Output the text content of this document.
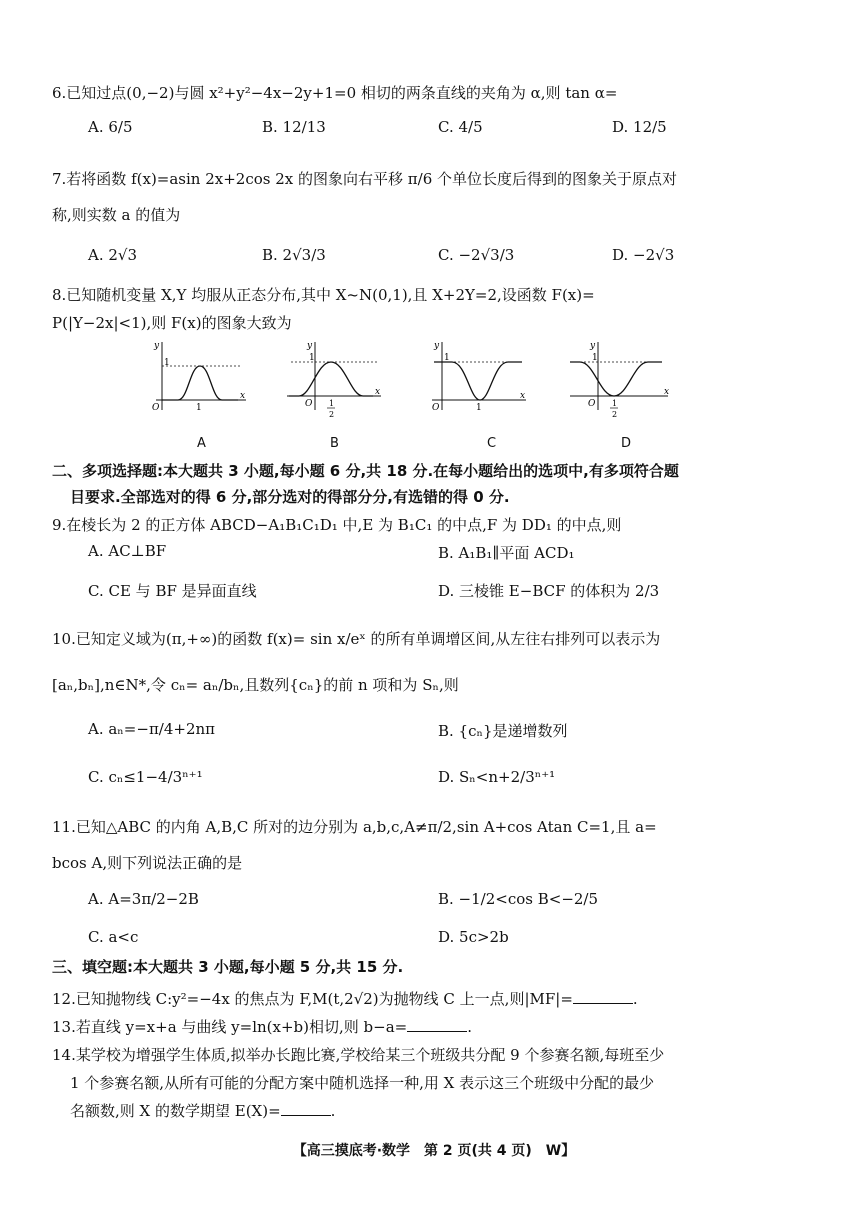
6.已知过点(0,−2)与圆 x²+y²−4x−2y+1=0 相切的两条直线的夹角为 α,则 tan α=
A. 6/5	B. 12/13	C. 4/5	D. 12/5
7.若将函数 f(x)=asin 2x+2cos 2x 的图象向右平移 π/6 个单位长度后得到的图象关于原点对
称,则实数 a 的值为
A. 2√3	B. 2√3/3	C. −2√3/3	D. −2√3
8.已知随机变量 X,Y 均服从正态分布,其中 X~N(0,1),且 X+2Y=2,设函数 F(x)=
P(|Y−2x|<1),则 F(x)的图象大致为
y
x
1
O	1
A
y
x
1
O 1
2
B
y
x
1
O	1
C
y
x
1
O 1
2
D
二、多项选择题:本大题共 3 小题,每小题 6 分,共 18 分.在每小题给出的选项中,有多项符合题
目要求.全部选对的得 6 分,部分选对的得部分分,有选错的得 0 分.
9.在棱长为 2 的正方体 ABCD−A₁B₁C₁D₁ 中,E 为 B₁C₁ 的中点,F 为 DD₁ 的中点,则
A. AC⊥BF	B. A₁B₁∥平面 ACD₁
C. CE 与 BF 是异面直线	D. 三棱锥 E−BCF 的体积为 2/3
10.已知定义域为(π,+∞)的函数 f(x)= sin x/eˣ 的所有单调增区间,从左往右排列可以表示为
[aₙ,bₙ],n∈N*,令 cₙ= aₙ/bₙ,且数列{cₙ}的前 n 项和为 Sₙ,则
A. aₙ=−π/4+2nπ	B. {cₙ}是递增数列
C. cₙ≤1−4/3ⁿ⁺¹	D. Sₙ<n+2/3ⁿ⁺¹
11.已知△ABC 的内角 A,B,C 所对的边分别为 a,b,c,A≠π/2,sin A+cos Atan C=1,且 a=
bcos A,则下列说法正确的是
A. A=3π/2−2B	B. −1/2<cos B<−2/5
C. a<c	D. 5c>2b
三、填空题:本大题共 3 小题,每小题 5 分,共 15 分.
12.已知抛物线 C:y²=−4x 的焦点为 F,M(t,2√2)为抛物线 C 上一点,则|MF|=	.
13.若直线 y=x+a 与曲线 y=ln(x+b)相切,则 b−a=	.
14.某学校为增强学生体质,拟举办长跑比赛,学校给某三个班级共分配 9 个参赛名额,每班至少
1 个参赛名额,从所有可能的分配方案中随机选择一种,用 X 表示这三个班级中分配的最少
名额数,则 X 的数学期望 E(X)=	.
【高三摸底考·数学　第 2 页(共 4 页)　W】
